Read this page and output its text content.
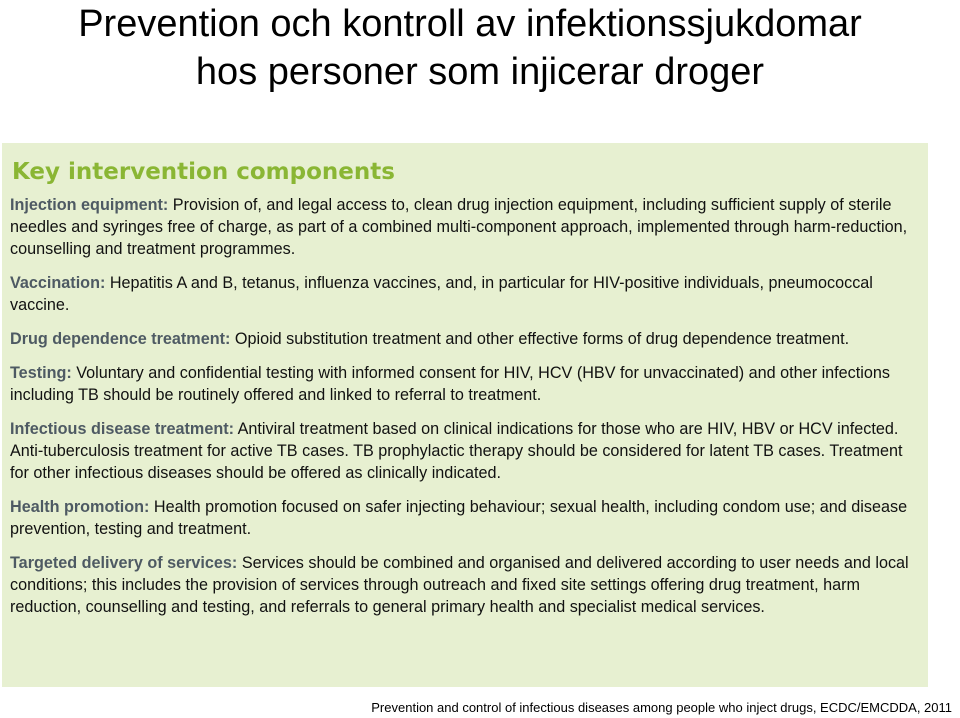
Prevention och kontroll av infektionssjukdomar
hos personer som injicerar droger
Key intervention components
Injection equipment: Provision of, and legal access to, clean drug injection equipment, including sufficient supply of sterile needles and syringes free of charge, as part of a combined multi-component approach, implemented through harm-reduction, counselling and treatment programmes.
Vaccination: Hepatitis A and B, tetanus, influenza vaccines, and, in particular for HIV-positive individuals, pneumococcal vaccine.
Drug dependence treatment: Opioid substitution treatment and other effective forms of drug dependence treatment.
Testing: Voluntary and confidential testing with informed consent for HIV, HCV (HBV for unvaccinated) and other infections including TB should be routinely offered and linked to referral to treatment.
Infectious disease treatment: Antiviral treatment based on clinical indications for those who are HIV, HBV or HCV infected. Anti-tuberculosis treatment for active TB cases. TB prophylactic therapy should be considered for latent TB cases. Treatment for other infectious diseases should be offered as clinically indicated.
Health promotion: Health promotion focused on safer injecting behaviour; sexual health, including condom use; and disease prevention, testing and treatment.
Targeted delivery of services: Services should be combined and organised and delivered according to user needs and local conditions; this includes the provision of services through outreach and fixed site settings offering drug treatment, harm reduction, counselling and testing, and referrals to general primary health and specialist medical services.
Prevention and control of infectious diseases among people who inject drugs, ECDC/EMCDDA, 2011
